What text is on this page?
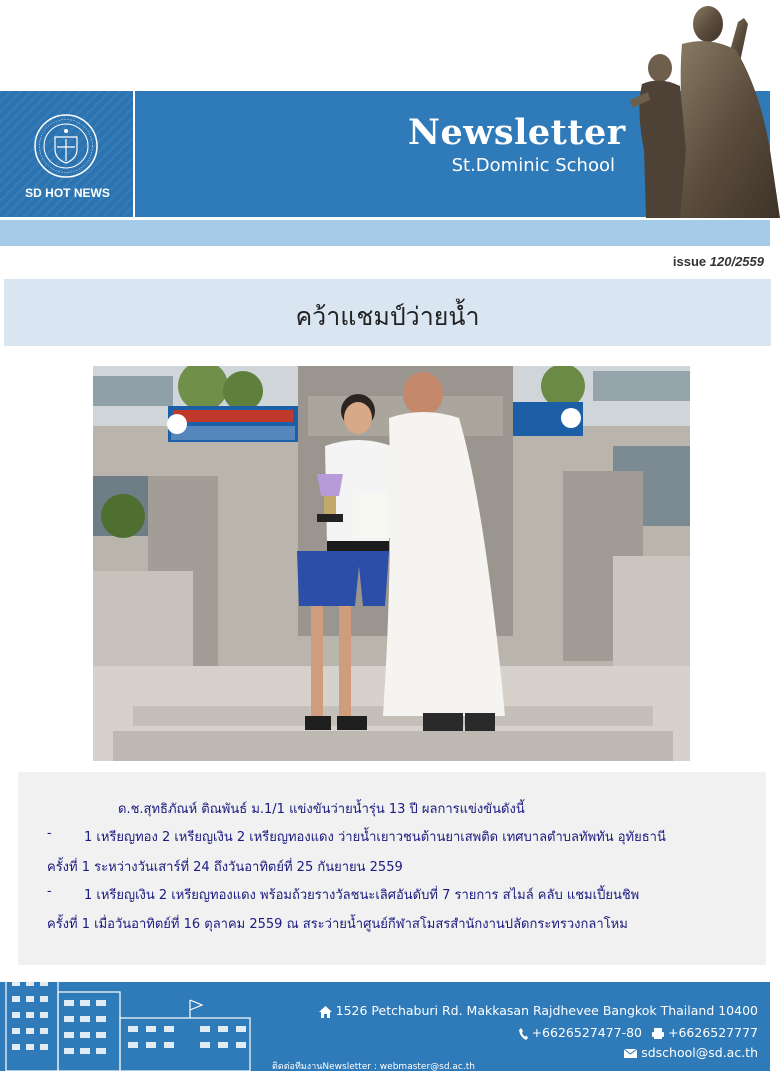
SD HOT NEWS
Newsletter
St.Dominic School
issue 120/2559
คว้าแชมป์ว่ายน้ำ
ด.ช.สุทธิภัณห์ ติณพันธ์ ม.1/1 แข่งขันว่ายน้ำรุ่น 13 ปี ผลการแข่งขันดังนี้
- 1 เหรียญทอง 2 เหรียญเงิน 2 เหรียญทองแดง ว่ายน้ำเยาวชนต้านยาเสพติด เทศบาลตำบลทัพทัน อุทัยธานี
ครั้งที่ 1 ระหว่างวันเสาร์ที่ 24 ถึงวันอาทิตย์ที่ 25 กันยายน 2559
- 1 เหรียญเงิน 2 เหรียญทองแดง พร้อมถ้วยรางวัลชนะเลิศอันดับที่ 7 รายการ สไมล์ คลับ แชมเปี้ยนชิพ
ครั้งที่ 1 เมื่อวันอาทิตย์ที่ 16 ตุลาคม 2559 ณ สระว่ายน้ำศูนย์กีฬาสโมสรสำนักงานปลัดกระทรวงกลาโหม
1526 Petchaburi Rd. Makkasan Rajdhevee Bangkok Thailand 10400
+6626527477-80 +6626527777
sdschool@sd.ac.th
ติดต่อทีมงานNewsletter : webmaster@sd.ac.th
